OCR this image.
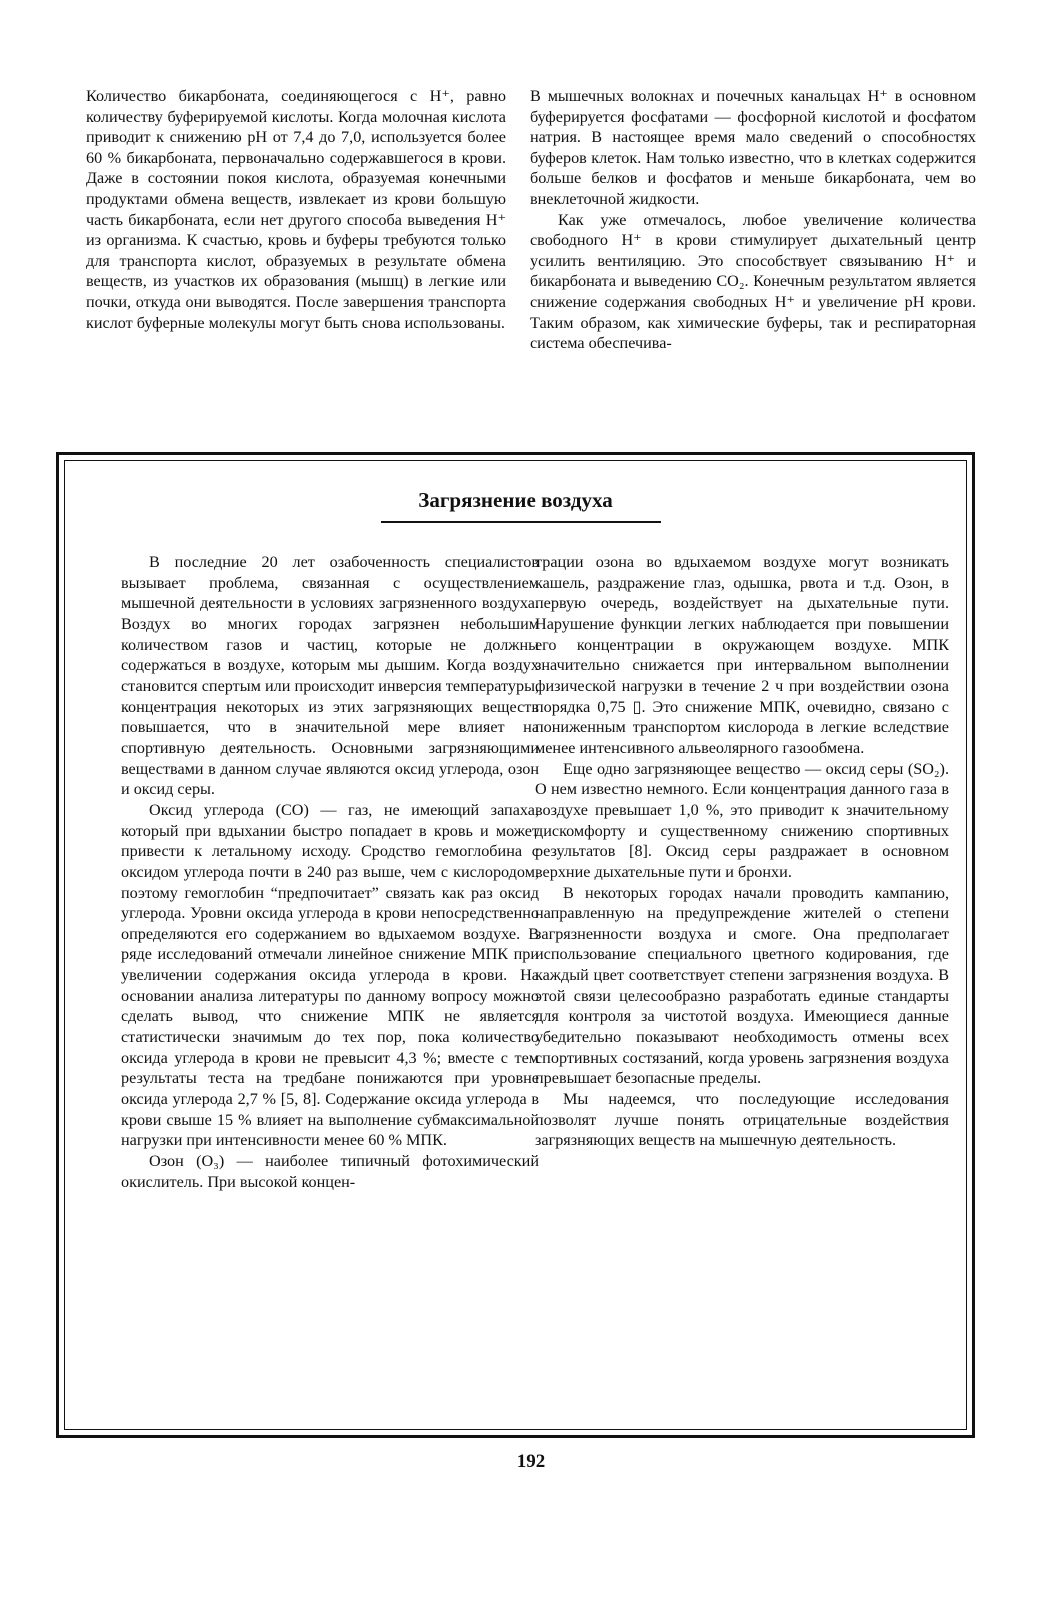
Количество бикарбоната, соединяющегося с H⁺, равно количеству буферируемой кислоты. Когда молочная кислота приводит к снижению pH от 7,4 до 7,0, используется более 60 % бикарбоната, первоначально содержавшегося в крови. Даже в состоянии покоя кислота, образуемая конечными продуктами обмена веществ, извлекает из крови большую часть бикарбоната, если нет другого способа выведения H⁺ из организма. К счастью, кровь и буферы требуются только для транспорта кислот, образуемых в результате обмена веществ, из участков их образования (мышц) в легкие или почки, откуда они выводятся. После завершения транспорта кислот буферные молекулы могут быть снова использованы.

В мышечных волокнах и почечных канальцах H⁺ в основном буферируется фосфатами — фосфорной кислотой и фосфатом натрия. В настоящее время мало сведений о способностях буферов клеток. Нам только известно, что в клетках содержится больше белков и фосфатов и меньше бикарбоната, чем во внеклеточной жидкости.

Как уже отмечалось, любое увеличение количества свободного H⁺ в крови стимулирует дыхательный центр усилить вентиляцию. Это способствует связыванию H⁺ и бикарбоната и выведению CO₂. Конечным результатом является снижение содержания свободных H⁺ и увеличение pH крови. Таким образом, как химические буферы, так и респираторная система обеспечива-

Загрязнение воздуха

В последние 20 лет озабоченность специалистов вызывает проблема, связанная с осуществлением мышечной деятельности в условиях загрязненного воздуха. Воздух во многих городах загрязнен небольшим количеством газов и частиц, которые не должны содержаться в воздухе, которым мы дышим. Когда воздух становится спертым или происходит инверсия температуры, концентрация некоторых из этих загрязняющих веществ повышается, что в значительной мере влияет на спортивную деятельность. Основными загрязняющими веществами в данном случае являются оксид углерода, озон и оксид серы.

Оксид углерода (CO) — газ, не имеющий запаха, который при вдыхании быстро попадает в кровь и может привести к летальному исходу. Сродство гемоглобина с оксидом углерода почти в 240 раз выше, чем с кислородом, поэтому гемоглобин “предпочитает” связать как раз оксид углерода. Уровни оксида углерода в крови непосредственно определяются его содержанием во вдыхаемом воздухе. В ряде исследований отмечали линейное снижение МПК при увеличении содержания оксида углерода в крови. На основании анализа литературы по данному вопросу можно сделать вывод, что снижение МПК не является статистически значимым до тех пор, пока количество оксида углерода в крови не превысит 4,3 %; вместе с тем результаты теста на тредбане понижаются при уровне оксида углерода 2,7 % [5, 8]. Содержание оксида углерода в крови свыше 15 % влияет на выполнение субмаксимальной нагрузки при интенсивности менее 60 % МПК.

Озон (O₃) — наиболее типичный фотохимический окислитель. При высокой концен-

трации озона во вдыхаемом воздухе могут возникать кашель, раздражение глаз, одышка, рвота и т.д. Озон, в первую очередь, воздействует на дыхательные пути. Нарушение функции легких наблюдается при повышении его концентрации в окружающем воздухе. МПК значительно снижается при интервальном выполнении физической нагрузки в течение 2 ч при воздействии озона порядка 0,75 ▯. Это снижение МПК, очевидно, связано с пониженным транспортом кислорода в легкие вследствие менее интенсивного альвеолярного газообмена.

Еще одно загрязняющее вещество — оксид серы (SO₂). О нем известно немного. Если концентрация данного газа в воздухе превышает 1,0 %, это приводит к значительному дискомфорту и существенному снижению спортивных результатов [8]. Оксид серы раздражает в основном верхние дыхательные пути и бронхи.

В некоторых городах начали проводить кампанию, направленную на предупреждение жителей о степени загрязненности воздуха и смоге. Она предполагает использование специального цветного кодирования, где каждый цвет соответствует степени загрязнения воздуха. В этой связи целесообразно разработать единые стандарты для контроля за чистотой воздуха. Имеющиеся данные убедительно показывают необходимость отмены всех спортивных состязаний, когда уровень загрязнения воздуха превышает безопасные пределы.

Мы надеемся, что последующие исследования позволят лучше понять отрицательные воздействия загрязняющих веществ на мышечную деятельность.

192
